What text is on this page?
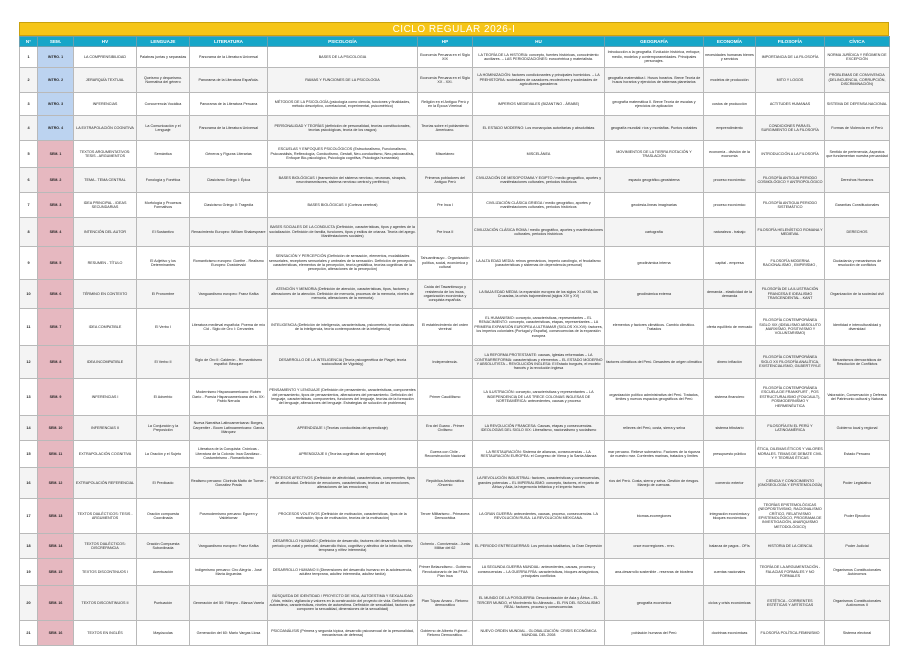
CICLO REGULAR 2026-I
N°	SEM.	HV	LENGUAJE	LITERATURA	PSICOLOGÍA	HP	HU	GEOGRAFÍA	ECONOMÍA	FILOSOFÍA	CÍVICA
1	INTRO. 1	LA COMPRENSIBILIDAD	Palabras juntas y separadas	Panorama de la Literatura Universal	BASES DE LA PSICOLOGIA	Economía Peruana en el Siglo XIX	LA TEORÍA DE LA HISTORIA: concepto, fuentes históricas, conocimiento auxiliares. – LAS PERIODIZACIONES: eurocéntrica y materialista.	Introducción a la geografía. Evolución histórica, enfoque, medio, modelos y contemporaneidades. Principales personajes.	necesidades humanas bienes y servicios	IMPORTANCIA DE LA FILOSOFÍA	NORMA JURÍDICA Y RÉGIMEN DE EXCEPCIÓN
2	INTRO. 2	JERARQUÍA TEXTUAL	Queísmo y dequeísmo. Normativa del género	Panorama de la Literatura Española.	RAMAS Y FUNCIONES DE LA PSICOLOGIA	Economía Peruana en el Siglo XX - XXI.	LA HOMINIZACIÓN: factores condicionantes y principales hominidos. – LA PREHISTORIA: sociedades de cazadores-recolectores y sociedades de agricultores-ganaderos	geografía matemática I. Husos horarios. Breve Teoría de husos horarios y ejercicios de sistemas planetarios	modelos de producción	MITO Y LOGOS	PROBLEMAS DE CONVIVENCIA (DELINCUENCIA, CORRUPCIÓN, DISCRIMINACIÓN)
3	INTRO. 3	INFERENCIAS	Concurrencia Vocálica	Panorama de la Literatura Peruana	MÉTODOS DE LA PSICOLOGÍA (psicología como ciencia, funciones y finalidades, método descriptivo, correlacional, experimental, psicométrico)	Religión en el Antiguo Perú y en la Época Virreinal	IMPERIOS MEDIEVALES (BIZANTINO - ÁRABE)	geografía matemática II. Breve Teoría de escalas y ejercicios de aplicación	costos de producción	ACTITUDES HUMANAS	SISTEMA DE DEFENSA NACIONAL
4	INTRO. 4	LA EXTRAPOLACIÓN COGNITIVA	La Comunicación y el Lenguaje	Panorama de la Literatura Universal	PERSONALIDAD Y TEORÍAS (definición de personalidad, teorías constitucionales, teorías psicológicas, teoría de los rasgos)	Teorías sobre el poblamiento Americano.	EL ESTADO MODERNO: Los monarquías autoritarias y absolutistas	geografía mundial: ríos y montañas. Puntos notables	emprendimiento	CONDICIONES PARA EL SURGIMIENTO DE LA FILOSOFÍA	Formas de Violencia en el Perú
5	SEM. 1	TEXTOS ARGUMENTATIVOS: TESIS - ARGUMENTOS	Semántica	Géneros y Figuras Literarias	ESCUELAS Y ENFOQUES PSICOLÓGICOS (Estructuralismo, Funcionalismo, Psicoanálisis, Reflexología, Conductismo, Gestalt, Neo-conductismo, Neo-psicoanálisis, Enfoque Bio-psicológico, Psicología cognitiva, Psicología humanista)	Misceláneo	MISCELÁNEA	MOVIMIENTOS DE LA TIERRA ROTACIÓN Y TRASLACIÓN	economía - división de la economía	INTRODUCCIÓN A LA FILOSOFÍA	Sentido de pertenencia, Aspectos que fundamentan nuestra peruanidad
6	SEM. 2	TEMA - TEMA CENTRAL	Fonología y Fonética	Clasicismo Griego I: Épica	BASES BIOLÓGICAS I (transmisión del sistema nervioso, neuronas, sinapsis, neurotransmisores, sistema nervioso central y periférico)	Primeros pobladores del Antiguo Perú	CIVILIZACIÓN DE MESOPOTAMIA Y EGIPTO / medio geográfico, aportes y manifestaciones culturales, periodos históricos	espacio geográfico-geosistema	proceso económico	FILOSOFÍA ANTIGUA PERIODO COSMOLÓGICO Y ANTROPOLÓGICO	Derechos Humanos
7	SEM. 3	IDEA PRINCIPAL - IDEAS SECUNDARIAS	Morfología y Procesos Formativos	Clasicismo Griego II: Tragedia	BASES BIOLÓGICAS II (Corteza cerebral)	Pre Inca I	CIVILIZACIÓN CLÁSICA GRIEGA / medio geográfico, aportes y manifestaciones culturales, periodos históricos	geodesia-lineas imaginarias	proceso económico	FILOSOFÍA ANTIGUA PERIODO SISTEMÁTICO	Garantías Constitucionales
8	SEM. 4	INTENCIÓN DEL AUTOR	El Sustantivo	Renacimiento Europeo: William Shakespeare	BASES SOCIALES DE LA CONDUCTA (Definición, características, tipos y agentes de la socialización. Definición de familia, funciones, tipos y estilos de crianza. Teoría del apego. Manifestaciones sociales)	Pre Inca II	CIVILIZACIÓN CLÁSICA ROMA / medio geográfico, aportes y manifestaciones culturales, periodos históricos	cartografía	naturaleza - trabajo	FILOSOFÍA HELENÍSTICO ROMANA Y MEDIEVAL	DERECHOS
9	SEM. 5	RESUMEN - TÍTULO	El Adjetivo y los Determinantes	Romanticismo europeo: Goethe - Realismo Europeo: Dostoievski	SENSACIÓN Y PERCEPCIÓN (Definición de sensación, elementos, modalidades sensoriales, receptores sensoriales y umbrales de la sensación. Definición de percepción, características, elementos de la percepción, teoría gestáltica, teorías cognitivas de la percepción, alteraciones de la percepción)	Tahuantinsuyo - Organización política, social, económica y cultural	LA ALTA EDAD MEDIA: reinos germánicos, imperio carolingio, el feudalismo (características y sistemas de dependencia personal)	geodinámica interna	capital - empresa	FILOSOFÍA MODERNA RACIONALISMO , EMPIRISMO ,	Ciudadanía y mecanismos de resolución de conflictos
10	SEM. 6	TÉRMINO EN CONTEXTO	El Pronombre	Vanguardismo europeo: Franz Kafka	ATENCIÓN Y MEMORIA (Definición de atención, características, tipos, factores y alteraciones de la atención. Definición de memoria, procesos de la memoria, niveles de memoria, alteraciones de la memoria)	Caída del Tawantinsuyo y resistencia de los incas, organización económica y conquista española.	LA BAJA EDAD MEDIA: la expansión europea de los siglos XI al XIII, las Cruzadas, la crisis bajomedieval (siglos XIV y XV)	geodinámica externa	demanda - elasticidad de la demanda	FILOSOFÍA DE LA ILUSTRACIÓN FRANCESA E IDEALISMO TRASCENDENTAL - KANT	Organización de la sociedad civil
11	SEM. 7	IDEA COMPATIBLE	El Verbo I	Literatura medieval española: Poema de mío Cid - Siglo de Oro I: Cervantes	INTELIGENCIA (Definición de inteligencia, características, psicometría, teorías clásicas de la inteligencia, teoría contemporánea de la inteligencia)	El establecimiento del orden virreinal	EL HUMANISMO: concepto, características, representantes – EL RENACIMIENTO: concepto, características, etapas, representantes – LA PRIMERA EXPANSIÓN EUROPEA A ULTRAMAR (SIGLOS XV-XVI): factores, los imperios coloniales (Portugal y España), consecuencias de la expansión europea	elementos y factores climáticos. Cambio climático. Tratados	oferta equilibrio de mercado	FILOSOFÍA CONTEMPORÁNEA SIGLO XIX (IDEALISMO ABSOLUTO ,MARXISMO, POSITIVISMO Y VOLUNTARISMO)	Identidad e interculturalidad y diversidad
12	SEM. 8	IDEA INCOMPATIBLE	El Verbo II	Siglo de Oro II: Calderón - Romanticismo español: Bécquer	DESARROLLO DE LA INTELIGENCIA (Teoría psicogenética de Piaget, teoría sociocultural de Vigotsky)	Independencia.	LA REFORMA PROTESTANTE: causas, iglesias reformadas – LA CONTRARREFORMA: características y elementos – EL ESTADO MODERNO Y ABSOLUTISTA – REVOLUCIÓN INGLESA: El Estado burgués, el modelo francés y la revolución inglesa	factores climáticos del Perú. Desastres de origen climático	dinero inflación	FILOSOFÍA CONTEMPORÁNEA SIGLO XX FILOSOFÍA ANALÍTICA, EXISTENCIALISMO, GILBERT RYLE	Mecanismos democráticos de Resolución de Conflictos
13	SEM. 9	INFERENCIAS I	El Adverbio	Modernismo Hispanoamericano: Rubén Darío - Poesía Hispanoamericana del s. XX: Pablo Neruda	PENSAMIENTO Y LENGUAJE (Definición de pensamiento, características, componentes del pensamiento, tipos de pensamientos, alteraciones del pensamiento. Definición del lenguaje, características, componentes, funciones del lenguaje, teorías de la formación del lenguaje, alteraciones del lenguaje. Estrategias de solución de problemas)	Primer Caudillismo	LA ILUSTRACIÓN: concepto, características y representantes – LA INDEPENDENCIA DE LAS TRECE COLONIAS INGLESAS DE NORTEAMÉRICA: antecedentes, causas y proceso	organización político administrativa del Perú. Tratados, límites y nuevos espacios geográficos del Perú	sistema financiero	FILOSOFÍA CONTEMPORÁNEA ESCUELA DE FRANKFURT , POS ESTRUCTURALISMO (FOUCAULT), POSMODERNISMO Y HERMENÉUTICA	Valoración, Conservación y Defensa del Patrimonio cultural y Natural
14	SEM. 10	INFERENCIAS II	La Conjunción y la Preposición	Nueva Narrativa Latinoamericana: Borges, Carpentier - Boom Latinoamericano: García Márquez	APRENDIZAJE I (Teorías conductistas del aprendizaje)	Era del Guano - Primer Civilismo	LA REVOLUCIÓN FRANCESA: Causas, etapas y consecuencias. IDEOLOGÍAS DEL SIGLO XIX: Liberalismo, nacionalismo y socialismo	relieves del Perú, costa, sierra y selva	sistema tributario	FILOSOFÍA EN EL PERÚ Y LATINOAMÉRICA	Gobierno local y regional
15	SEM. 11	EXTRAPOLACIÓN COGNITIVA	La Oración y el Sujeto	Literatura de la Conquista: Crónicas - Literatura de la Colonia: Inca Garcilaso - Costumbrismo - Romanticismo	APRENDIZAJE II (Teorías cognitivas del aprendizaje)	Guerra con Chile - Reconstrucción Nacional	LA RESTAURACIÓN: Sistema de alianzas, consecuencias – LA RESTAURACIÓN EUROPEA: el Congreso de Viena y la Santa Alianza	mar peruano. Relieve submarino. Factores de la riqueza de nuestro mar. Corrientes marinas, tratados y límites	presupuesto público	ÉTICA, DILEMAS ÉTICOS Y VALORES MORALES. TEMAS DE DEBATE CIVIL Y Y TEORÍAS ÉTICAS	Estado Peruano
16	SEM. 12	EXTRAPOLACIÓN REFERENCIAL	El Predicado	Realismo peruano: Clorinda Matto de Turner - González Prada	PROCESOS AFECTIVOS (Definición de afectividad, características, componentes, tipos de afectividad. Definición de emociones, características, teorías de las emociones, alteraciones de las emociones)	República Aristocrática /Oncenio	LA REVOLUCIÓN INDUSTRIAL: factores, características y consecuencias, grandes potencias – EL IMPERIALISMO: concepto, factores, el reparto de África y Asia, la hegemonía británica y el imperio francés	ríos del Perú. Costa, sierra y selva. Gestión de riesgos. Manejo de cuencas.	comercio exterior	CIENCIA Y CONOCIMIENTO (GNOSEOLOGÍA Y EPISTEMOLOGÍA)	Poder Legislativo
17	SEM. 13	TEXTOS DIALÉCTICOS: TESIS - ARGUMENTOS	Oración compuesta Coordinada	Posmodernismo peruano: Eguren y Valdelomar	PROCESOS VOLITIVOS (Definición de motivación, características, tipos de la motivación, tipos de motivación, teorías de la motivación)	Tercer Militarismo - Primavera Democrática	LA GRAN GUERRA: antecedentes, causas, proceso, consecuencias. LA REVOLUCIÓN RUSA. LA REVOLUCIÓN MEXICANA.	biomas-ecorregiones	integración económica y bloques económicos	TEORÍAS EPISTEMOLÓGICAS (NEOPOSITIVISMO, RACIONALISMO CRÍTICO, RELATIVISMO EPISTEMOLÓGICO, PROGRAMA DE INVESTIGACIÓN, ANARQUISMO METODOLÓGICO)	Poder Ejecutivo
18	SEM. 14	TEXTOS DIALÉCTICOS: DISCREPANCIA	Oración Compuesta Subordinada	Vanguardismo europeo: Franz Kafka	DESARROLLO HUMANO I (Definición de desarrollo, factores del desarrollo humano, periodo pre-natal y perinatal, desarrollo físico, cognitivo y afectivo de la infancia, niñez temprana y niñez intermedia)	Ochenio - Convivencia - Junta Militar del 62	EL PERIODO ENTREGUERRAS: Los periodos totalitarios, la Gran Depresión	once ecorregiones - rrnn.	balanza de pagos - OFIs	HISTORIA DE LA CIENCIA	Poder Judicial
19	SEM. 15	TEXTOS DISCONTINUOS I	Acentuación	Indigenismo peruano: Ciro Alegría - José María Arguedas	DESARROLLO HUMANO II (Dimensiones del desarrollo humano en la adolescencia, adultez temprana, adultez intermedia, adultez tardía)	Primer Belaundismo - Gobierno Revolucionario de las FFAA Plan Inca	LA SEGUNDA GUERRA MUNDIAL: antecedentes, causas, proceso y consecuencias – LA GUERRA FRÍA: características, bloques antagónicos, principales conflictos	ana-desarrollo sostenible - reservas de biosfera	cuentas nacionales	TEORÍA DE LA ARGUMENTACIÓN - FALACIAS FORMALES Y NO FORMALES	Organismos Constitucionales Autónomos
20	SEM. 16	TEXTOS DISCONTINUOS II	Puntuación	Generación del 50: Ribeyro - Blanca Varela	BÚSQUEDA DE IDENTIDAD / PROYECTO DE VIDA, AUTOESTIMA Y SEXUALIDAD (Vida, misión, vigilancia y valores en la construcción del proyecto de vida. Definición de autoestima, características, niveles de autoestima. Definición de sexualidad, factores que componen la sexualidad, dimensiones de la sexualidad)	Plan Túpac Amaru - Retorno democrático	EL MUNDO DE LA POSGUERRA: Descolonización de Asia y África – EL TERCER MUNDO, el Movimiento No Alineado – EL FIN DEL SOCIALISMO REAL: factores, proceso y consecuencias	geografía económica	ciclos y crisis económicas	ESTÉTICA - CORRIENTES ESTÉTICAS Y ARTÍSTICAS	Organismos Constitucionales Autónomos II
21	SEM. 16	TEXTOS EN INGLÉS	Mayúsculas	Generación del 60: Mario Vargas Llosa	PSICOANÁLISIS (Primera y segunda tópica, desarrollo psicosexual de la personalidad, mecanismos de defensa)	Gobierno de Alberto Fujimori - Retorno Democrático.	NUEVO ORDEN MUNDIAL - GLOBALIZACIÓN: CRISIS ECONÓMICA MUNDIAL DEL 2008	población humana del Perú	doctrinas económicas	FILOSOFÍA POLÍTICA-FEMINISMO	Sistema electoral
